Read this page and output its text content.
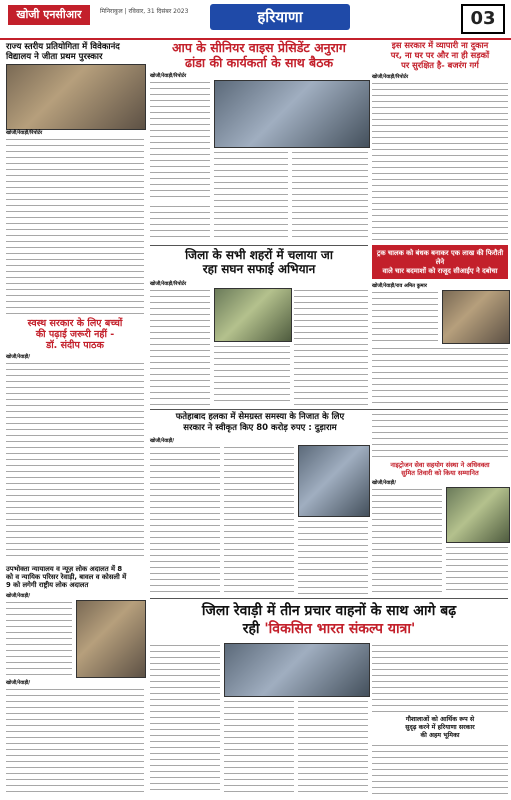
खोजी एनसीआर	मिनिराकुल | रविवार, 31 दिसंबर 2023	हरियाणा	03
राज्य स्तरीय प्रतियोगिता में विवेकानंद विद्यालय ने जीता प्रथम पुरस्कार
खोजी/रेवाड़ी/रिपोर्टर
आप के सीनियर वाइस प्रेसिडेंट अनुराग
ढांडा की कार्यकर्ता के साथ बैठक
खोजी/रेवाड़ी/रिपोर्टर
इस सरकार में व्यापारी ना दुकान
पर, ना घर पर और ना ही सड़कों
पर सुरक्षित है- बजरंग गर्ग
खोजी/रेवाड़ी/रिपोर्टर
जिला के सभी शहरों में चलाया जा
रहा सघन सफाई अभियान
खोजी/रेवाड़ी/रिपोर्टर
स्वस्थ सरकार के लिए बच्चों
की पढ़ाई जरूरी नहीं -
डॉ. संदीप पाठक
खोजी/रेवाड़ी/
ट्रक चालक को बंधक बनाकर एक लाख की फिरौती लेने
वाले चार बदमाशों को राजूद सीआईए ने दबोचा
खोजी/रेवाड़ी/राव अमित कुमार
फतेहाबाद हलका में सेमग्रस्त समस्या के निजात के लिए
सरकार ने स्वीकृत किए 80 करोड़ रुपए : दुड़ाराम
खोजी/रेवाड़ी/
नाइट्रोजन सेवा सहयोग संस्था ने अधिवक्ता
सुमित तिवारी को किया सम्मानित
खोजी/रेवाड़ी/
उपभोक्ता न्यायालय व न्यूज़ लोक अदालत में 8
को व न्यायिक परिसर रेवाड़ी, बावल व कोसली में
9 को लगेगी राष्ट्रीय लोक अदालत
खोजी/रेवाड़ी/
जिला रेवाड़ी में तीन प्रचार वाहनों के साथ आगे बढ़
रही 'विकसित भारत संकल्प यात्रा'
खोजी/रेवाड़ी/
गौशालाओं को आर्थिक रूप से
सुदृढ़ करने में हरियाणा सरकार
की अहम भूमिका
